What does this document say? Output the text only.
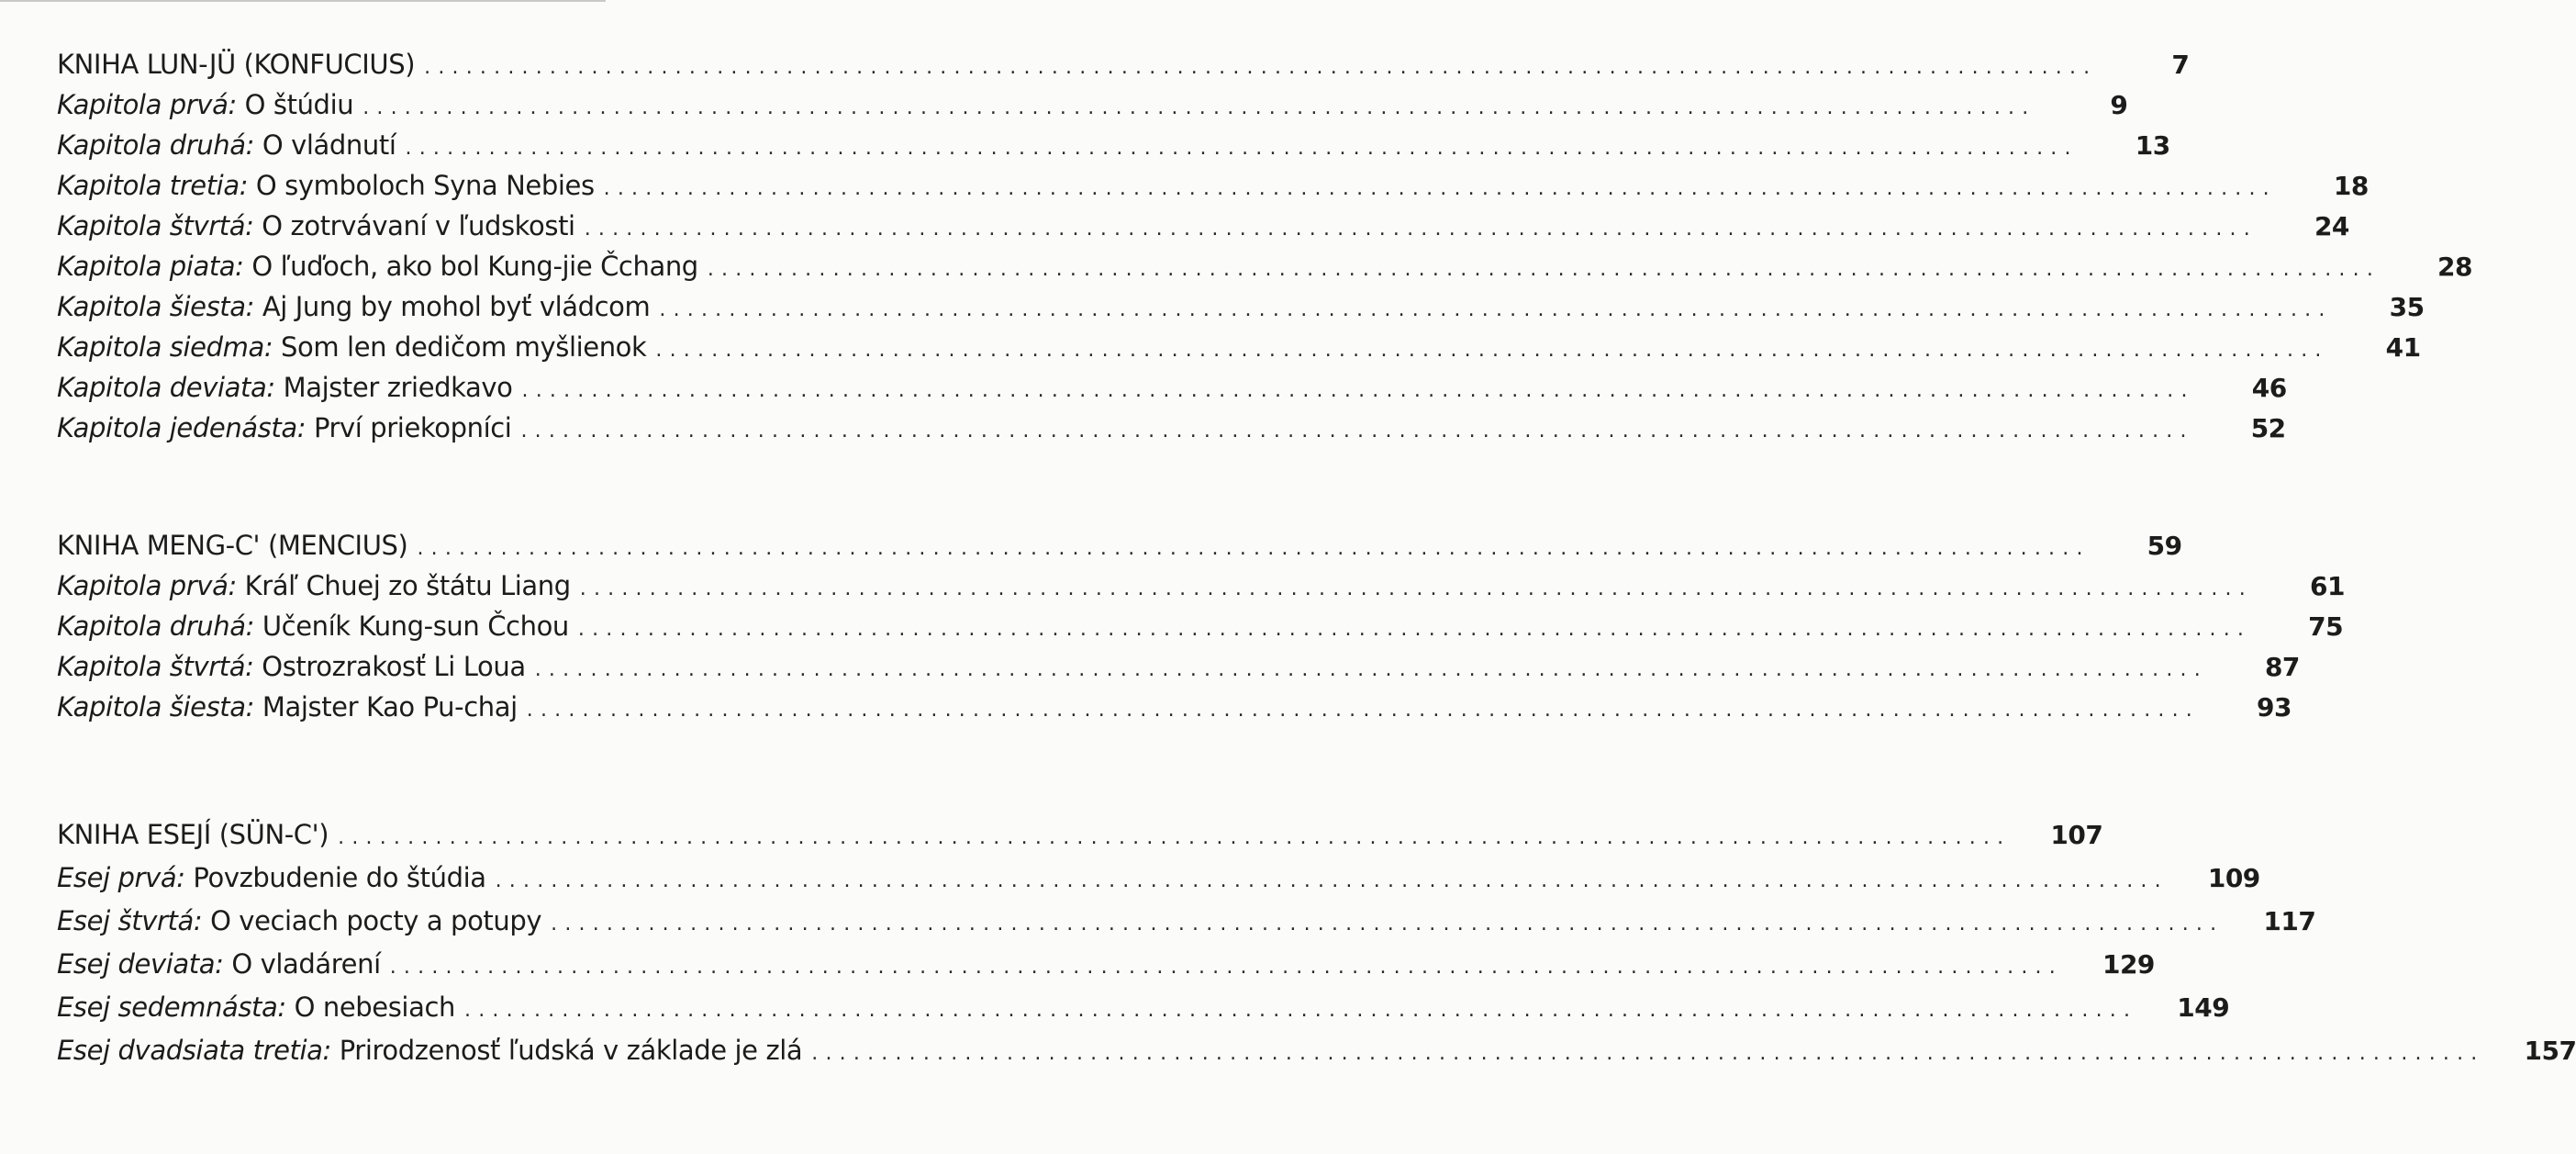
KNIHA LUN-JÜ (KONFUCIUS) ........................................................................................................................	7
Kapitola prvá: O štúdiu ........................................................................................................................	9
Kapitola druhá: O vládnutí ........................................................................................................................	13
Kapitola tretia: O symboloch Syna Nebies ........................................................................................................................	18
Kapitola štvrtá: O zotrvávaní v ľudskosti ........................................................................................................................	24
Kapitola piata: O ľuďoch, ako bol Kung-jie Čchang ........................................................................................................................	28
Kapitola šiesta: Aj Jung by mohol byť vládcom ........................................................................................................................	35
Kapitola siedma: Som len dedičom myšlienok ........................................................................................................................	41
Kapitola deviata: Majster zriedkavo ........................................................................................................................	46
Kapitola jedenásta: Prví priekopníci ........................................................................................................................	52
KNIHA MENG-C' (MENCIUS) ........................................................................................................................	59
Kapitola prvá: Kráľ Chuej zo štátu Liang ........................................................................................................................	61
Kapitola druhá: Učeník Kung-sun Čchou ........................................................................................................................	75
Kapitola štvrtá: Ostrozrakosť Li Loua ........................................................................................................................	87
Kapitola šiesta: Majster Kao Pu-chaj ........................................................................................................................	93
KNIHA ESEJÍ (SÜN-C') ........................................................................................................................ 107
Esej prvá: Povzbudenie do štúdia ........................................................................................................................ 109
Esej štvrtá: O veciach pocty a potupy ........................................................................................................................ 117
Esej deviata: O vladárení ........................................................................................................................ 129
Esej sedemnásta: O nebesiach ........................................................................................................................ 149
Esej dvadsiata tretia: Prirodzenosť ľudská v základe je zlá ........................................................................................................................ 157
